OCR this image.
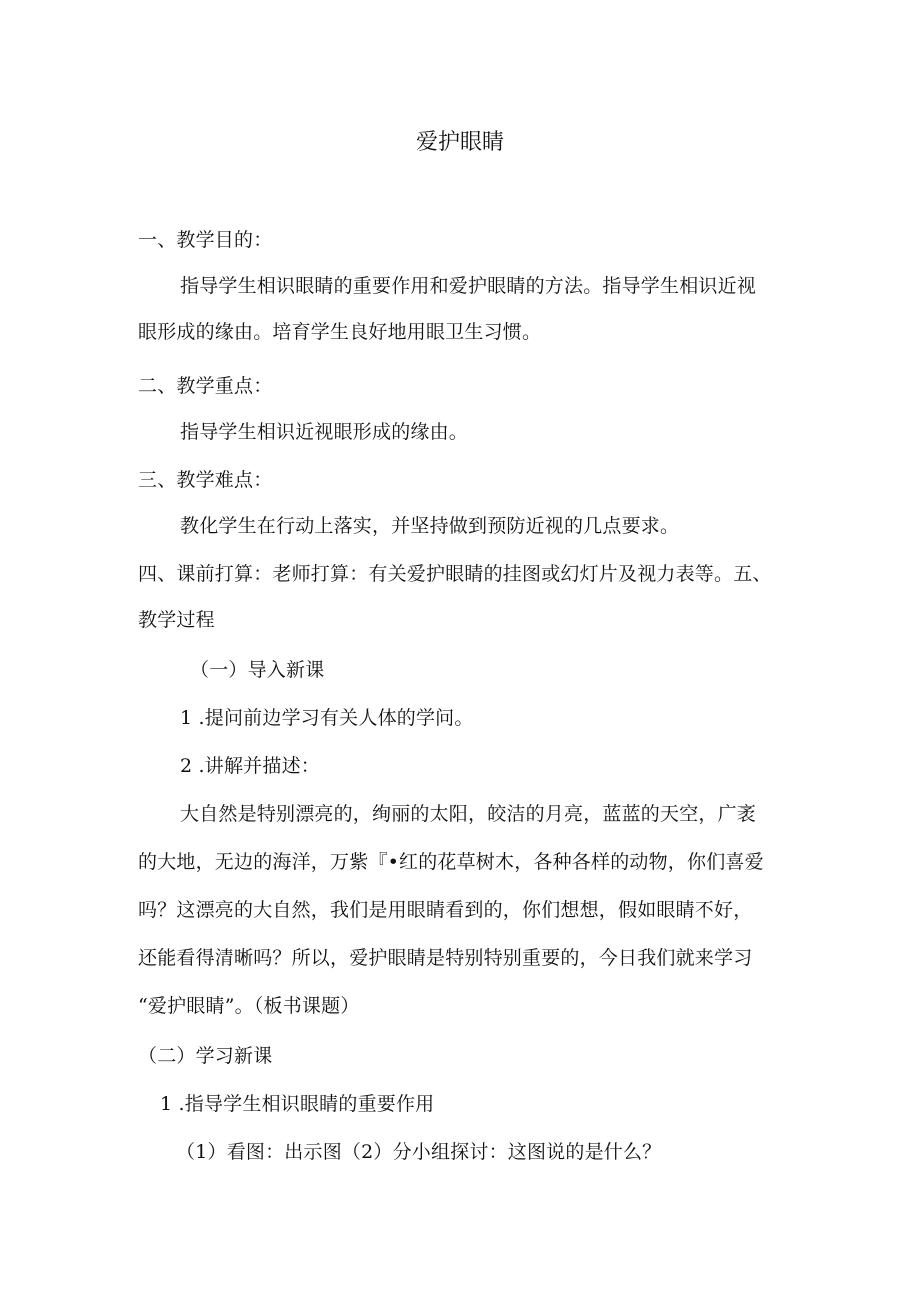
爱护眼睛
一、教学目的：
指导学生相识眼睛的重要作用和爱护眼睛的方法。指导学生相识近视
眼形成的缘由。培育学生良好地用眼卫生习惯。
二、教学重点：
指导学生相识近视眼形成的缘由。
三、教学难点：
教化学生在行动上落实，并坚持做到预防近视的几点要求。
四、课前打算：老师打算：有关爱护眼睛的挂图或幻灯片及视力表等。五、
教学过程
（一）导入新课
1 .提问前边学习有关人体的学问。
2 .讲解并描述：
大自然是特别漂亮的，绚丽的太阳，皎洁的月亮，蓝蓝的天空，广袤
的大地，无边的海洋，万紫『•红的花草树木，各种各样的动物，你们喜爱
吗？这漂亮的大自然，我们是用眼睛看到的，你们想想，假如眼睛不好，
还能看得清晰吗？所以，爱护眼睛是特别特别重要的，今日我们就来学习
“爱护眼睛”。（板书课题）
（二）学习新课
1 .指导学生相识眼睛的重要作用
（1）看图：出示图（2）分小组探讨：这图说的是什么？
